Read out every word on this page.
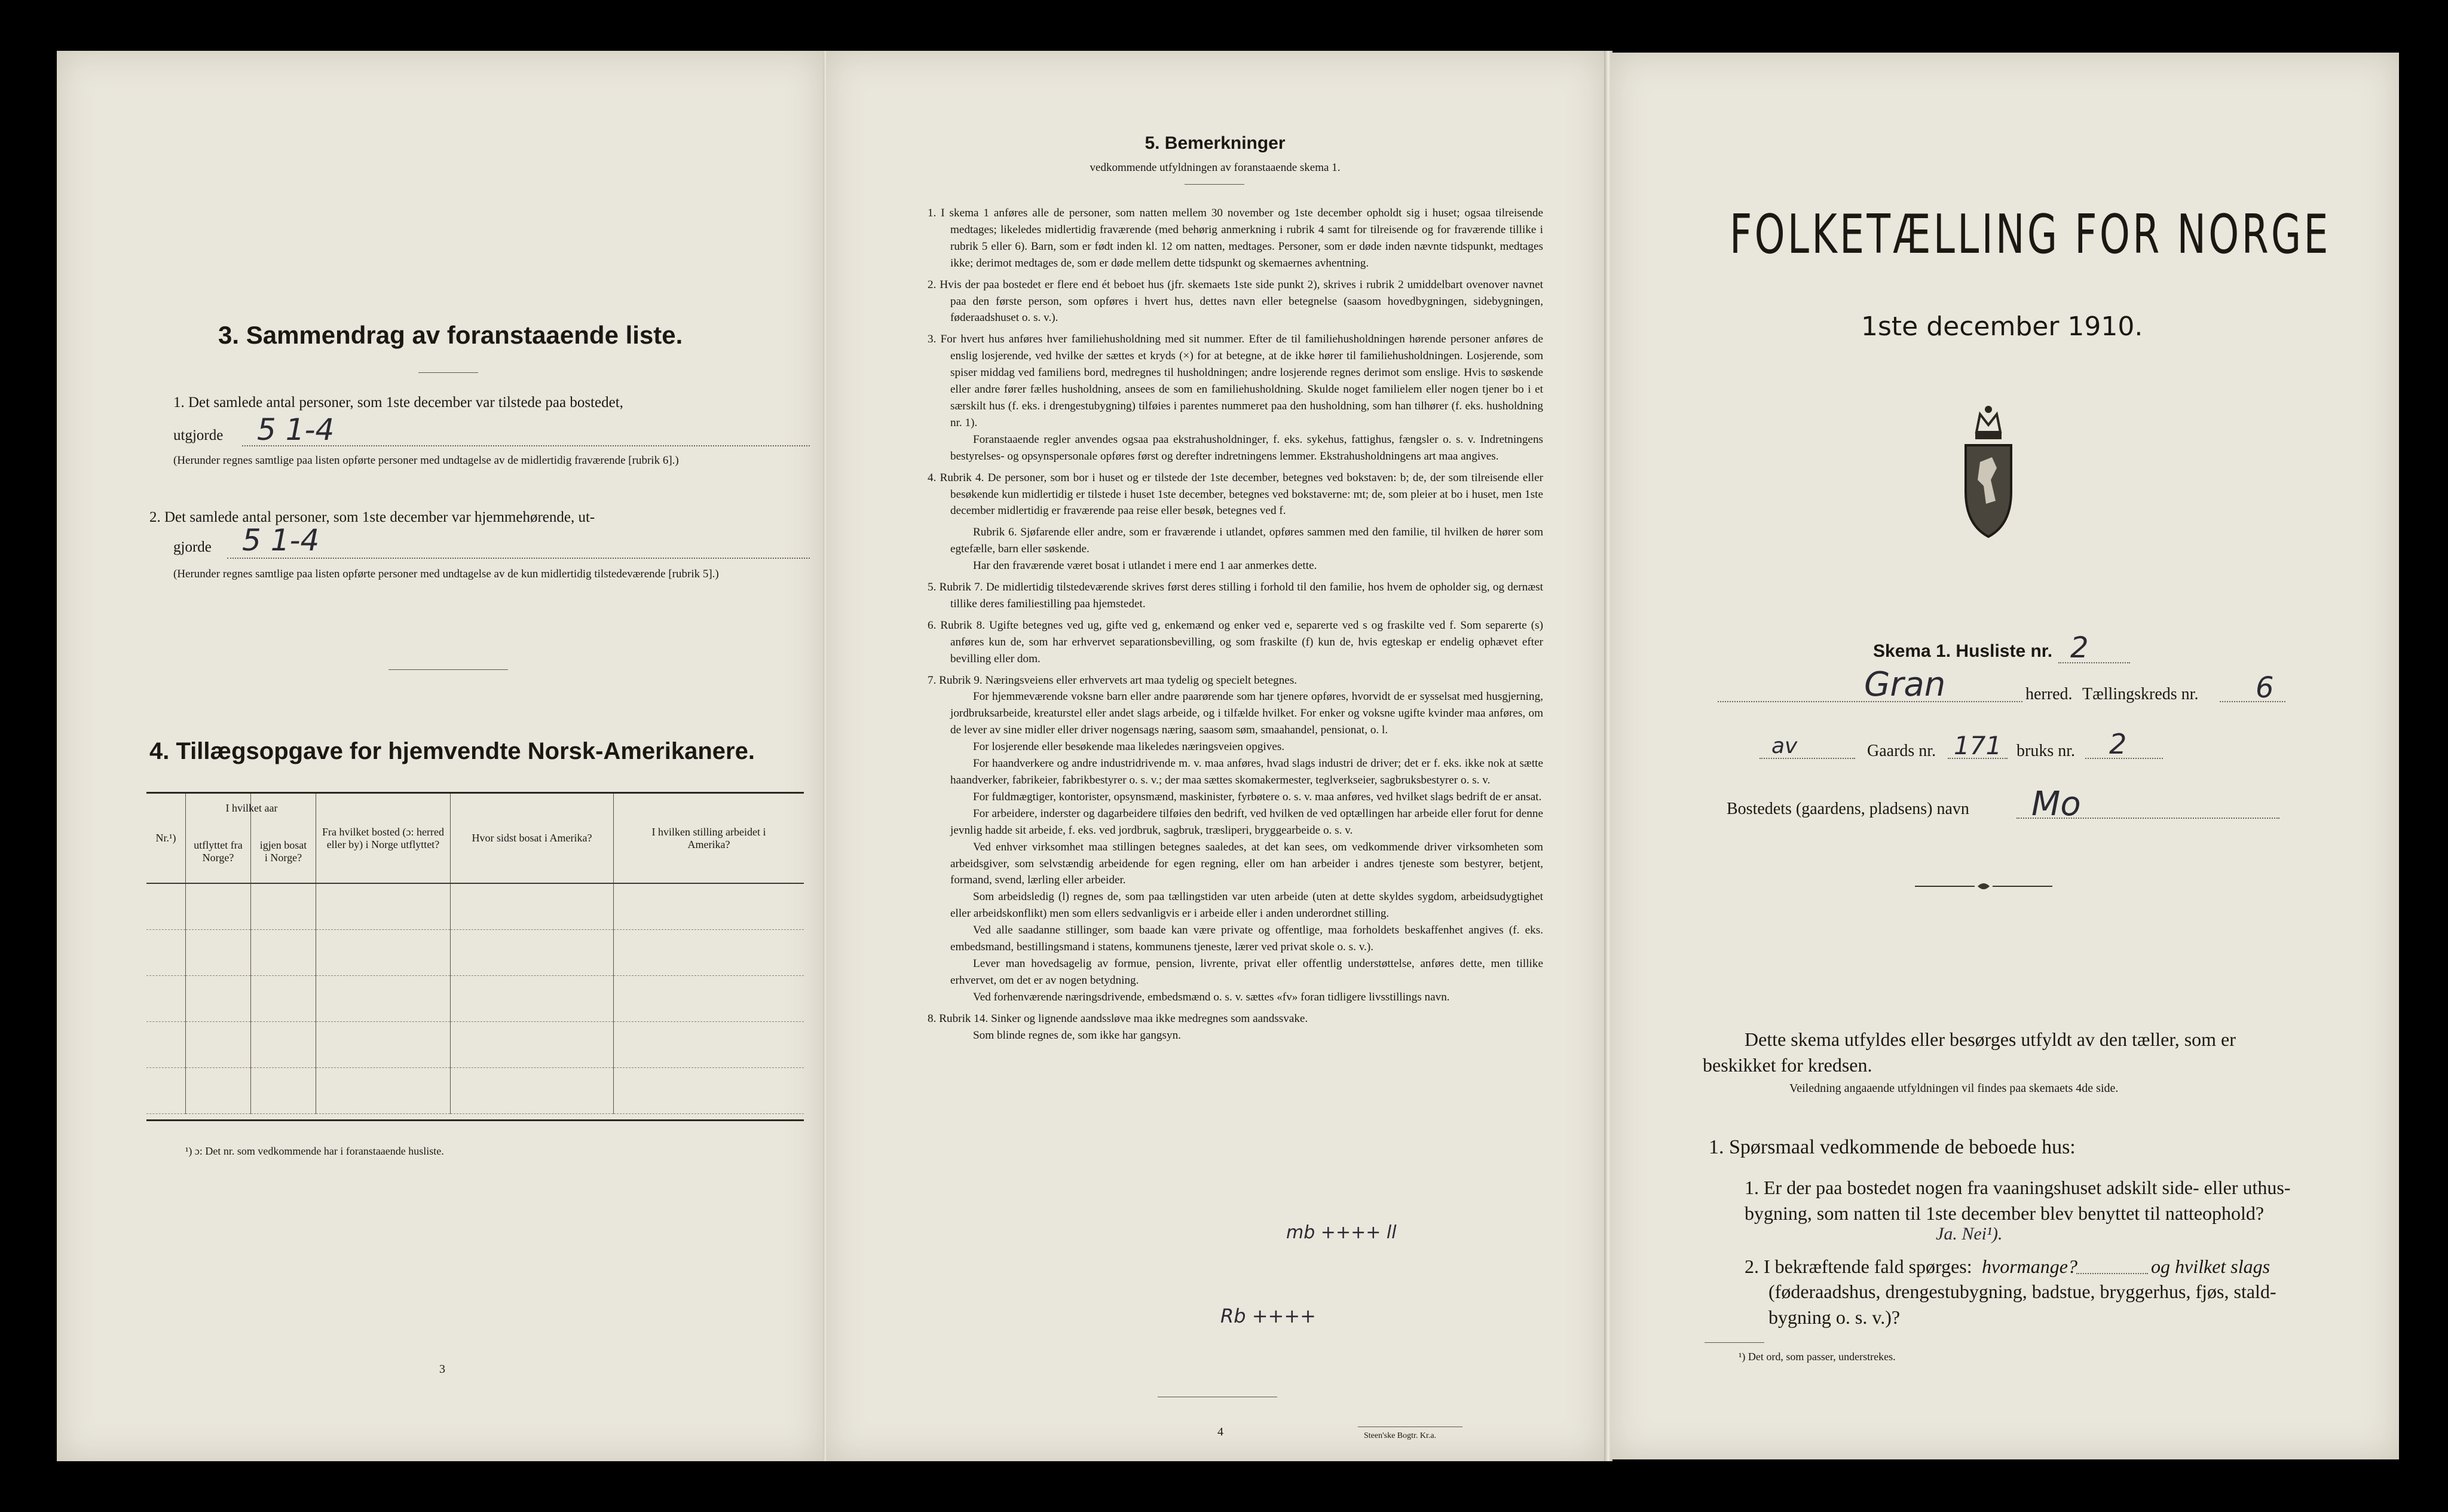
3. Sammendrag av foranstaaende liste.
1. Det samlede antal personer, som 1ste december var tilstede paa bostedet,
utgjorde 5 1-4
(Herunder regnes samtlige paa listen opførte personer med undtagelse av de midlertidig fraværende [rubrik 6].)
2. Det samlede antal personer, som 1ste december var hjemmehørende, ut-
gjorde 5 1-4
(Herunder regnes samtlige paa listen opførte personer med undtagelse av de kun midlertidig tilstedeværende [rubrik 5].)
4. Tillægsopgave for hjemvendte Norsk-Amerikanere.
Nr.¹)	I hvilket aar
utflyttet fra Norge?	igjen bosat i Norge?	Fra hvilket bosted (ɔ: herred eller by) i Norge utflyttet?	Hvor sidst bosat i Amerika?	I hvilken stilling arbeidet i Amerika?

¹) ɔ: Det nr. som vedkommende har i foranstaaende husliste.
3
5. Bemerkninger
vedkommende utfyldningen av foranstaaende skema 1.

1. I skema 1 anføres alle de personer, som natten mellem 30 november og 1ste december opholdt sig i huset; ogsaa tilreisende medtages; likeledes midlertidig fraværende (med behørig anmerkning i rubrik 4 samt for tilreisende og for fraværende tillike i rubrik 5 eller 6). Barn, som er født inden kl. 12 om natten, medtages. Personer, som er døde inden nævnte tidspunkt, medtages ikke; derimot medtages de, som er døde mellem dette tidspunkt og skemaernes avhentning.

2. Hvis der paa bostedet er flere end ét beboet hus (jfr. skemaets 1ste side punkt 2), skrives i rubrik 2 umiddelbart ovenover navnet paa den første person, som opføres i hvert hus, dettes navn eller betegnelse (saasom hovedbygningen, sidebygningen, føderaadshuset o. s. v.).

3. For hvert hus anføres hver familiehusholdning med sit nummer. Efter de til familiehusholdningen hørende personer anføres de enslig losjerende, ved hvilke der sættes et kryds (×) for at betegne, at de ikke hører til familiehusholdningen. Losjerende, som spiser middag ved familiens bord, medregnes til husholdningen; andre losjerende regnes derimot som enslige. Hvis to søskende eller andre fører fælles husholdning, ansees de som en familiehusholdning. Skulde noget familielem eller nogen tjener bo i et særskilt hus (f. eks. i drengestubygning) tilføies i parentes nummeret paa den husholdning, som han tilhører (f. eks. husholdning nr. 1).

Foranstaaende regler anvendes ogsaa paa ekstrahusholdninger, f. eks. sykehus, fattighus, fængsler o. s. v. Indretningens bestyrelses- og opsynspersonale opføres først og derefter indretningens lemmer. Ekstrahusholdningens art maa angives.

4. Rubrik 4. De personer, som bor i huset og er tilstede der 1ste december, betegnes ved bokstaven: b; de, der som tilreisende eller besøkende kun midlertidig er tilstede i huset 1ste december, betegnes ved bokstaverne: mt; de, som pleier at bo i huset, men 1ste december midlertidig er fraværende paa reise eller besøk, betegnes ved f.

Rubrik 6. Sjøfarende eller andre, som er fraværende i utlandet, opføres sammen med den familie, til hvilken de hører som egtefælle, barn eller søskende.

Har den fraværende været bosat i utlandet i mere end 1 aar anmerkes dette.

5. Rubrik 7. De midlertidig tilstedeværende skrives først deres stilling i forhold til den familie, hos hvem de opholder sig, og dernæst tillike deres familiestilling paa hjemstedet.

6. Rubrik 8. Ugifte betegnes ved ug, gifte ved g, enkemænd og enker ved e, separerte ved s og fraskilte ved f. Som separerte (s) anføres kun de, som har erhvervet separationsbevilling, og som fraskilte (f) kun de, hvis egteskap er endelig ophævet efter bevilling eller dom.

7. Rubrik 9. Næringsveiens eller erhvervets art maa tydelig og specielt betegnes.

For hjemmeværende voksne barn eller andre paarørende som har tjenere opføres, hvorvidt de er sysselsat med husgjerning, jordbruksarbeide, kreaturstel eller andet slags arbeide, og i tilfælde hvilket. For enker og voksne ugifte kvinder maa anføres, om de lever av sine midler eller driver nogensags næring, saasom søm, smaahandel, pensionat, o. l.

For losjerende eller besøkende maa likeledes næringsveien opgives.

For haandverkere og andre industridrivende m. v. maa anføres, hvad slags industri de driver; det er f. eks. ikke nok at sætte haandverker, fabrikeier, fabrikbestyrer o. s. v.; der maa sættes skomakermester, teglverkseier, sagbruksbestyrer o. s. v.

For fuldmægtiger, kontorister, opsynsmænd, maskinister, fyrbøtere o. s. v. maa anføres, ved hvilket slags bedrift de er ansat.

For arbeidere, inderster og dagarbeidere tilføies den bedrift, ved hvilken de ved optællingen har arbeide eller forut for denne jevnlig hadde sit arbeide, f. eks. ved jordbruk, sagbruk, træsliperi, bryggearbeide o. s. v.

Ved enhver virksomhet maa stillingen betegnes saaledes, at det kan sees, om vedkommende driver virksomheten som arbeidsgiver, som selvstændig arbeidende for egen regning, eller om han arbeider i andres tjeneste som bestyrer, betjent, formand, svend, lærling eller arbeider.

Som arbeidsledig (l) regnes de, som paa tællingstiden var uten arbeide (uten at dette skyldes sygdom, arbeidsudygtighet eller arbeidskonflikt) men som ellers sedvanligvis er i arbeide eller i anden underordnet stilling.

Ved alle saadanne stillinger, som baade kan være private og offentlige, maa forholdets beskaffenhet angives (f. eks. embedsmand, bestillingsmand i statens, kommunens tjeneste, lærer ved privat skole o. s. v.).

Lever man hovedsagelig av formue, pension, livrente, privat eller offentlig understøttelse, anføres dette, men tillike erhvervet, om det er av nogen betydning.

Ved forhenværende næringsdrivende, embedsmænd o. s. v. sættes «fv» foran tidligere livsstillings navn.

8. Rubrik 14. Sinker og lignende aandssløve maa ikke medregnes som aandssvake.

Som blinde regnes de, som ikke har gangsyn.

mb ++++ ll
Rb ++++
4	Steen'ske Bogtr. Kr.a.
FOLKETÆLLING FOR NORGE
1ste december 1910.
Skema 1. Husliste nr. 2
Gran	herred. Tællingskreds nr. 6
av	Gaards nr. 171 bruks nr. 2
Bostedets (gaardens, pladsens) navn Mo
Dette skema utfyldes eller besørges utfyldt av den tæller, som er beskikket for kredsen.
Veiledning angaaende utfyldningen vil findes paa skemaets 4de side.
1. Spørsmaal vedkommende de beboede hus:
1. Er der paa bostedet nogen fra vaaningshuset adskilt side- eller uthus-bygning, som natten til 1ste december blev benyttet til natteophold?
Ja. Nei¹).
2. I bekræftende fald spørges: hvormange?	og hvilket slags
(føderaadshus, drengestubygning, badstue, bryggerhus, fjøs, stald-bygning o. s. v.)?
¹) Det ord, som passer, understrekes.
